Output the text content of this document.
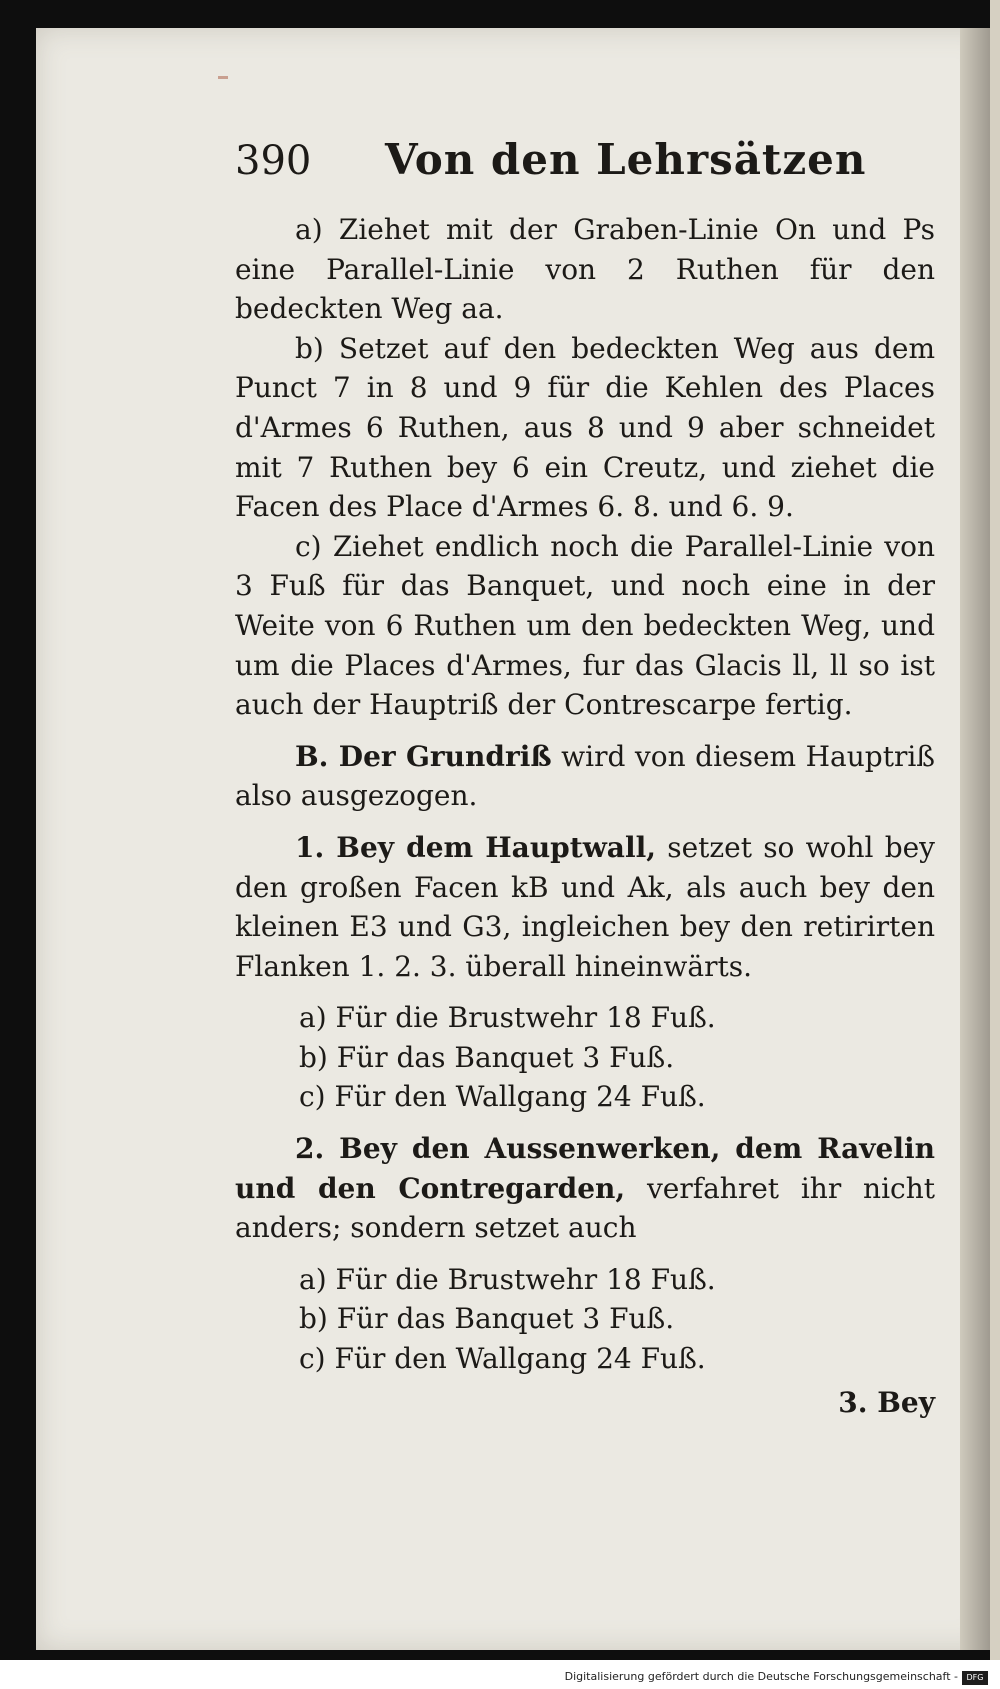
390	Von den Lehrsätzen

a) Ziehet mit der Graben-Linie On und Ps eine Parallel-Linie von 2 Ruthen für den bedeckten Weg aa.

b) Setzet auf den bedeckten Weg aus dem Punct 7 in 8 und 9 für die Kehlen des Places d'Armes 6 Ruthen, aus 8 und 9 aber schneidet mit 7 Ruthen bey 6 ein Creutz, und ziehet die Facen des Place d'Armes 6. 8. und 6. 9.

c) Ziehet endlich noch die Parallel-Linie von 3 Fuß für das Banquet, und noch eine in der Weite von 6 Ruthen um den bedeckten Weg, und um die Places d'Armes, fur das Glacis ll, ll so ist auch der Hauptriß der Contrescarpe fertig.

B. Der Grundriß wird von diesem Hauptriß also ausgezogen.

1. Bey dem Hauptwall, setzet so wohl bey den großen Facen kB und Ak, als auch bey den kleinen E3 und G3, ingleichen bey den retirirten Flanken 1. 2. 3. überall hineinwärts.

a) Für die Brustwehr 18 Fuß.

b) Für das Banquet 3 Fuß.

c) Für den Wallgang 24 Fuß.

2. Bey den Aussenwerken, dem Ravelin und den Contregarden, verfahret ihr nicht anders; sondern setzet auch

a) Für die Brustwehr 18 Fuß.

b) Für das Banquet 3 Fuß.

c) Für den Wallgang 24 Fuß.

3. Bey

Digitalisierung gefördert durch die Deutsche Forschungsgemeinschaft -	DFG
